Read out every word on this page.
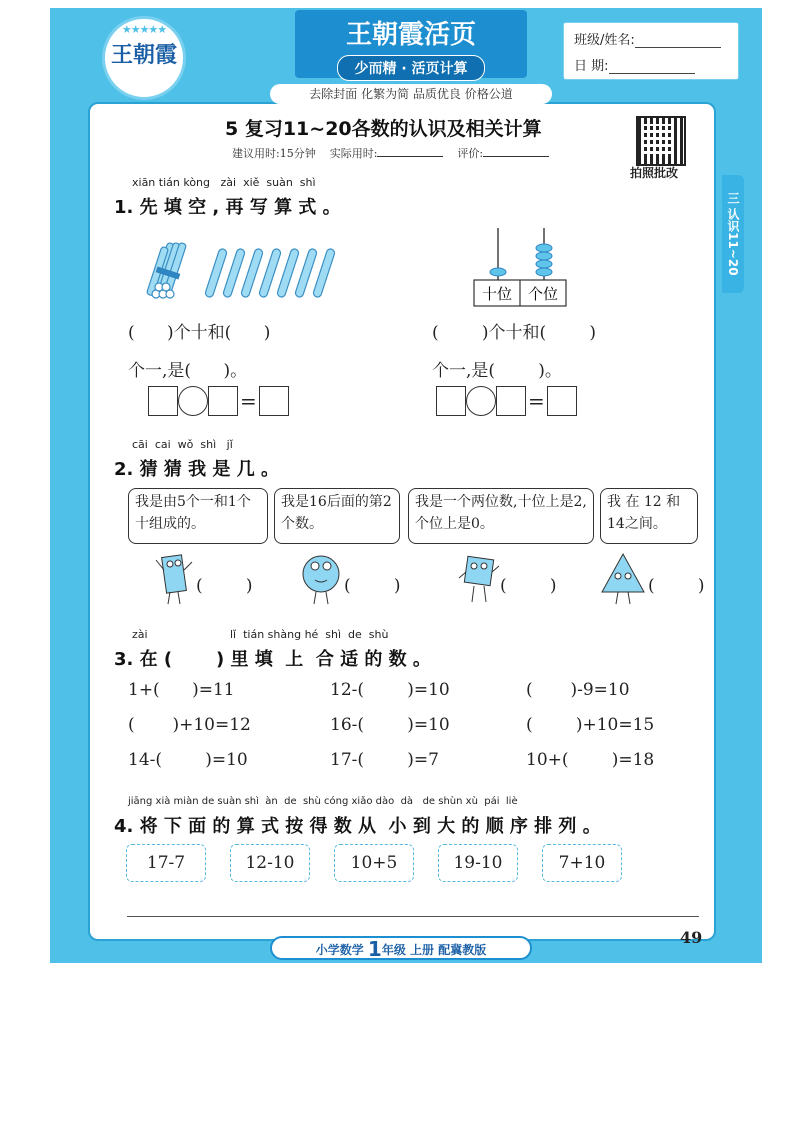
★★★★★
王朝霞
王朝霞活页
少而精 · 活页计算
去除封面 化繁为简 品质优良 价格公道
班级/姓名:
日 期:
5 复习11~20各数的认识及相关计算
建议用时:15分钟 实际用时:	评价:
拍照批改
三 认识11~20
xiān tián kòng   zài  xiě  suàn  shì
1. 先 填 空 , 再 写 算 式 。
十位 个位
(      )个十和(      )
个一,是(      )。
=
(        )个十和(        )
个一,是(        )。
=
cāi  cai  wǒ  shì   jǐ
2. 猜 猜 我 是 几 。
我是由5个一和1个十组成的。
我是16后面的第2个数。
我是一个两位数,十位上是2,个位上是0。
我 在 12 和 14之间。
(        )	(        )	(        )	(        )
zài	lǐ  tián shàng hé  shì  de  shù
3. 在 (       ) 里 填  上  合 适 的 数 。
1+(      )=11	12-(        )=10	(       )-9=10
(       )+10=12	16-(        )=10	(        )+10=15
14-(        )=10	17-(        )=7	10+(        )=18
jiāng xià miàn de suàn shì  àn  de  shù cóng xiǎo dào  dà   de shùn xù  pái  liè
4. 将 下 面 的 算 式 按 得 数 从  小 到 大 的 顺 序 排 列 。
17-7	12-10	10+5	19-10	7+10
49
小学数学 1年级 上册 配冀教版
